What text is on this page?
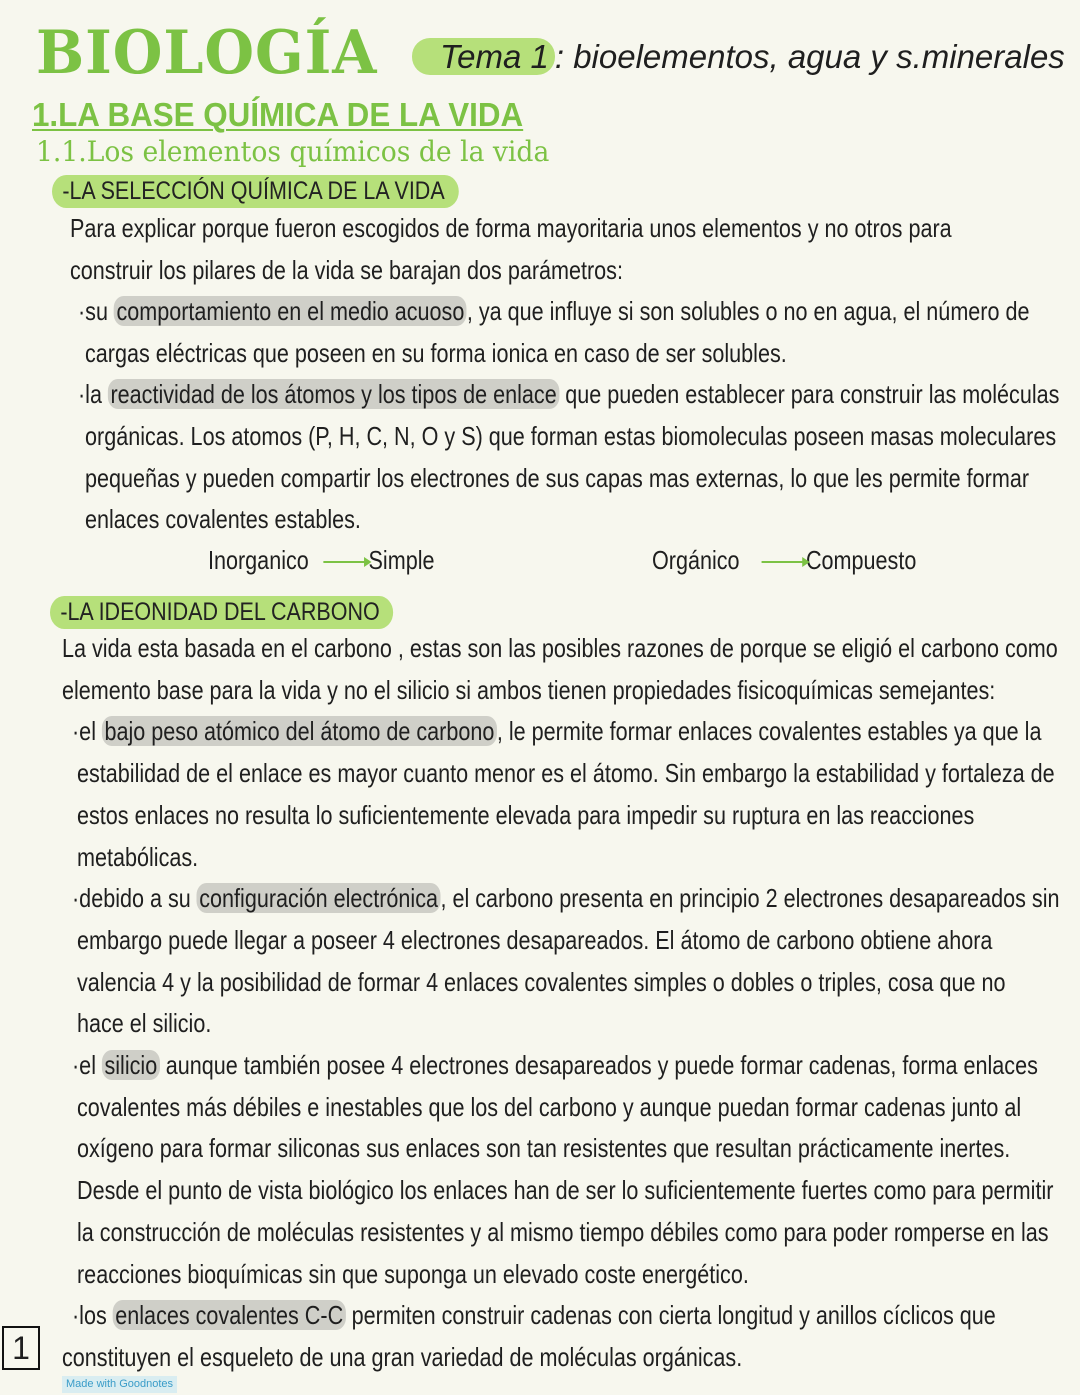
BIOLOGÍA	Tema 1 : bioelementos, agua y s.minerales
1.LA BASE QUÍMICA DE LA VIDA
1.1.Los elementos químicos de la vida
-LA SELECCIÓN QUÍMICA DE LA VIDA
Para explicar porque fueron escogidos de forma mayoritaria unos elementos y no otros para
construir los pilares de la vida se barajan dos parámetros:
·su comportamiento en el medio acuoso, ya que influye si son solubles o no en agua, el número de
cargas eléctricas que poseen en su forma ionica en caso de ser solubles.
·la reactividad de los átomos y los tipos de enlace que pueden establecer para construir las moléculas
orgánicas. Los atomos (P, H, C, N, O y S) que forman estas biomoleculas poseen masas moleculares
pequeñas y pueden compartir los electrones de sus capas mas externas, lo que les permite formar
enlaces covalentes estables.
Inorganico Simple	Orgánico	Compuesto
-LA IDEONIDAD DEL CARBONO
La vida esta basada en el carbono , estas son las posibles razones de porque se eligió el carbono como
elemento base para la vida y no el silicio si ambos tienen propiedades fisicoquímicas semejantes:
·el bajo peso atómico del átomo de carbono, le permite formar enlaces covalentes estables ya que la
estabilidad de el enlace es mayor cuanto menor es el átomo. Sin embargo la estabilidad y fortaleza de
estos enlaces no resulta lo suficientemente elevada para impedir su ruptura en las reacciones
metabólicas.
·debido a su configuración electrónica, el carbono presenta en principio 2 electrones desapareados sin
embargo puede llegar a poseer 4 electrones desapareados. El átomo de carbono obtiene ahora
valencia 4 y la posibilidad de formar 4 enlaces covalentes simples o dobles o triples, cosa que no
hace el silicio.
·el silicio aunque también posee 4 electrones desapareados y puede formar cadenas, forma enlaces
covalentes más débiles e inestables que los del carbono y aunque puedan formar cadenas junto al
oxígeno para formar siliconas sus enlaces son tan resistentes que resultan prácticamente inertes.
Desde el punto de vista biológico los enlaces han de ser lo suficientemente fuertes como para permitir
la construcción de moléculas resistentes y al mismo tiempo débiles como para poder romperse en las
reacciones bioquímicas sin que suponga un elevado coste energético.
·los enlaces covalentes C-C permiten construir cadenas con cierta longitud y anillos cíclicos que
constituyen el esqueleto de una gran variedad de moléculas orgánicas.
1
Made with Goodnotes
